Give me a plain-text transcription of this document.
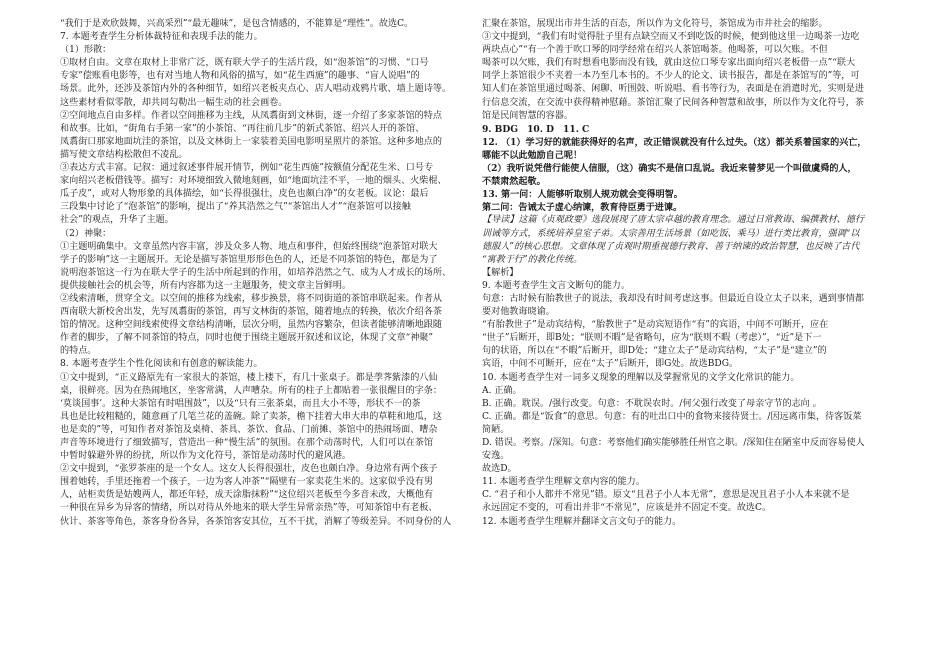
“我们于是欢欣鼓舞，兴高采烈”“最无趣味”，是包含情感的，不能算是“理性”。故选C。
7. 本题考查学生分析体裁特征和表现手法的能力。
（1）形散：
①取材自由。文章在取材上非常广泛，既有联大学子的生活片段，如“泡茶馆”的习惯、“口号
专家”偿账看电影等，也有对当地人物和风俗的描写，如“花生西施”的趣事、“盲人说唱”的
场景。此外，还涉及茶馆内外的各种细节，如绍兴老板夹点心、店人唱动戏鸦片歌、墙上题诗等。
这些素材看似零散，却共同勾勒出一幅生动的社会画卷。
②空间地点自由多样。作者以空间推移为主线，从凤翥街到文林街，逐一介绍了多家茶馆的特点
和故事。比如，“街角右手第一家”的小茶馆、“再往前几步”的新式茶馆、绍兴人开的茶馆、
凤翥街口那家地面坑洼的茶馆，以及文林街上一家装着美国电影明星照片的茶馆。这种多地点的
描写使文章结构松散但不凌乱。
③表达方式丰富。记叙：通过叙述事件展开情节，例如“花生西施”按额值分配花生米、口号专
家向绍兴老板借钱等。描写：对环境细致入微地刻画，如“地面坑洼不平，一地的烟头、火柴棍、
瓜子皮”，或对人物形象的具体描绘，如“长得很强壮，皮色也颇白净”的女老板。议论：最后
三段集中讨论了“泡茶馆”的影响，提出了“养其浩然之气”“茶馆出人才”“泡茶馆可以接触
社会”的观点，升华了主题。
（2）神聚：
①主题明确集中。文章虽然内容丰富，涉及众多人物、地点和事件，但始终围绕“泡茶馆对联大
学子的影响”这一主题展开。无论是描写茶馆里形形色色的人，还是不同茶馆的特色，都是为了
说明泡茶馆这一行为在联大学子的生活中所起到的作用，如培养浩然之气、成为人才成长的场所、
提供接触社会的机会等，所有内容都为这一主题服务，使文章主旨鲜明。
②线索清晰，贯穿全文。以空间的推移为线索，移步换景，将不同街道的茶馆串联起来。作者从
西南联大新校舍出发，先写凤翥街的茶馆，再写文林街的茶馆，随着地点的转换，依次介绍各茶
馆的情况。这种空间线索使得文章结构清晰，层次分明，虽然内容繁杂，但读者能够清晰地跟随
作者的脚步，了解不同茶馆的特点，同时也便于围绕主题展开叙述和议论，体现了文章“神聚”
的特点。
8. 本题考查学生个性化阅读和有创意的解读能力。
①文中提到，“正义路原先有一家很大的茶馆，楼上楼下，有几十张桌子。都是荸荠紫漆的八仙
桌，很鲜亮。因为在热闹地区，坐客常满，人声嘈杂。所有的柱子上都贴着一张很醒目的字条：
‘莫谈国事’。这种大茶馆有时唱围鼓”，以及“只有三张茶桌，而且大小不等，形状不一的茶
具也是比较粗糙的，随意画了几笔兰花的盖碗。除了卖茶，檐下挂着大串大串的草鞋和地瓜，这
也是卖的”等，可知作者对茶馆及桌椅、茶具、茶饮、食品、门前摊、茶馆中的热闹场面、嘈杂
声音等环境进行了细致描写，营造出一种“慢生活”的氛围。在那个动荡时代，人们可以在茶馆
中暂时躲避外界的纷扰，所以作为文化符号，茶馆是动荡时代的避风港。
②文中提到，“张罗茶座的是一个女人。这女人长得很强壮，皮色也颇白净。身边常有两个孩子
围着她转，手里还拖着一个孩子，一边为客人冲茶”“隔壁有一家卖花生米的。这家似乎没有男
人，站柜卖货是姑嫂两人，都还年轻，成天涂脂抹粉”“这位绍兴老板至今多音未改，大概他有
一种很在异乡为异客的情绪，所以对待从外地来的联大学生异常亲热”等，可知茶馆中有老板、
伙计、茶客等角色，茶客身份各异，各茶馆客安其位，互不干扰，消解了等级差异。不同身份的人
汇聚在茶馆，展现出市井生活的百态，所以作为文化符号，茶馆成为市井社会的缩影。
③文中提到，“我们有时觉得肚子里有点缺空而又不到吃饭的时候，便到他这里一边喝茶一边吃
两块点心”“有一个善于吹口琴的同学经常在绍兴人茶馆喝茶。他喝茶，可以欠账。不但
喝茶可以欠账，我们有时想看电影而没有钱，就由这位口琴专家出面向绍兴老板借一点”“联大
同学上茶馆很少不夹着一本乃至几本书的。不少人的论文、读书报告，都是在茶馆写的”等，可
知人们在茶馆里通过喝茶、闲聊、听围鼓、听说唱、看书等行为，表面是在消遣时光，实则是进
行信息交流，在交流中获得精神慰藉。茶馆汇聚了民间各种智慧和故事，所以作为文化符号，茶
馆是民间智慧的容器。
9. BDG　10. D　11. C
12. （1）学习好的就能获得好的名声，改正错误就没有什么过失。（这）都关系着国家的兴亡，
哪能不以此勉励自己呢！
（2）我听说凭借行能使人信服，（这）确实不是信口乱说。我近来曾梦见一个叫做虞舜的人，
不禁肃然起敬。
13. 第一问：人能够听取别人规劝就会变得明智。
第二问：告诫太子虚心纳谏，教育待臣勇于进谏。
【导读】这篇《贞观政要》选段展现了唐太宗卓越的教育理念。通过日常教诲、编撰教材、德行
训诫等方式，系统培养皇室子弟。太宗善用生活场景（如吃饭、乘马）进行类比教育，强调“以
德服人”的核心思想。文章体现了贞观时期重视德行教育、善于纳谏的政治智慧，也反映了古代
“寓教于行”的教化传统。
【解析】
9. 本题考查学生文言文断句的能力。
句意：古时候有胎教世子的说法，我却没有时间考虑这事。但最近自设立太子以来，遇到事情都
要对他教诲晓谕。
“有胎教世子”是动宾结构，“胎教世子”是动宾短语作“有”的宾语，中间不可断开，应在
“世子”后断开，即B处；“朕则不暇”是省略句，应为“朕则不暇（考虑）”，“近”是下一
句的状语，所以在“不暇”后断开，即D处；“建立太子”是动宾结构，“太子”是“建立”的
宾语，中间不可断开，应在“太子”后断开，即G处。故选BDG。
10. 本题考查学生对一词多义现象的理解以及掌握常见的文学文化常识的能力。
A. 正确。
B. 正确。耽误。/强行改变。句意：不耽误农时。/何父强行改变了母亲守节的志向 。
C. 正确。都是“饭食”的意思。句意：有的吐出口中的食物来接待贤士。/因远离市集，待客饭菜
简陋。
D. 错误。考察。/深知。句意：考察他们确实能够胜任州官之职。/深知住在陋室中反而容易使人
安逸。
故选D。
11. 本题考查学生理解文章内容的能力。
C. “君子和小人都并不常见”错。原文“且君子小人本无常”，意思是况且君子小人本来就不是
永远固定不变的，可看出并非“不常见”，应该是并不固定不变。故选C。
12. 本题考查学生理解并翻译文言文句子的能力。
